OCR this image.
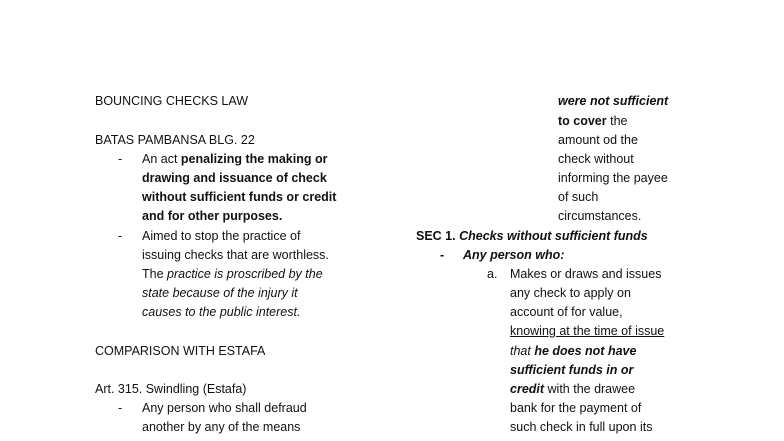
BOUNCING CHECKS LAW
BATAS PAMBANSA BLG. 22
- An act penalizing the making or
drawing and issuance of check
without sufficient funds or credit
and for other purposes.
- Aimed to stop the practice of
issuing checks that are worthless.
The practice is proscribed by the
state because of the injury it
causes to the public interest.
COMPARISON WITH ESTAFA
Art. 315. Swindling (Estafa)
- Any person who shall defraud
another by any of the means
were not sufficient
to cover the
amount od the
check without
informing the payee
of such
circumstances.
SEC 1. Checks without sufficient funds
- Any person who:
a. Makes or draws and issues
any check to apply on
account of for value,
knowing at the time of issue
that he does not have
sufficient funds in or
credit with the drawee
bank for the payment of
such check in full upon its
